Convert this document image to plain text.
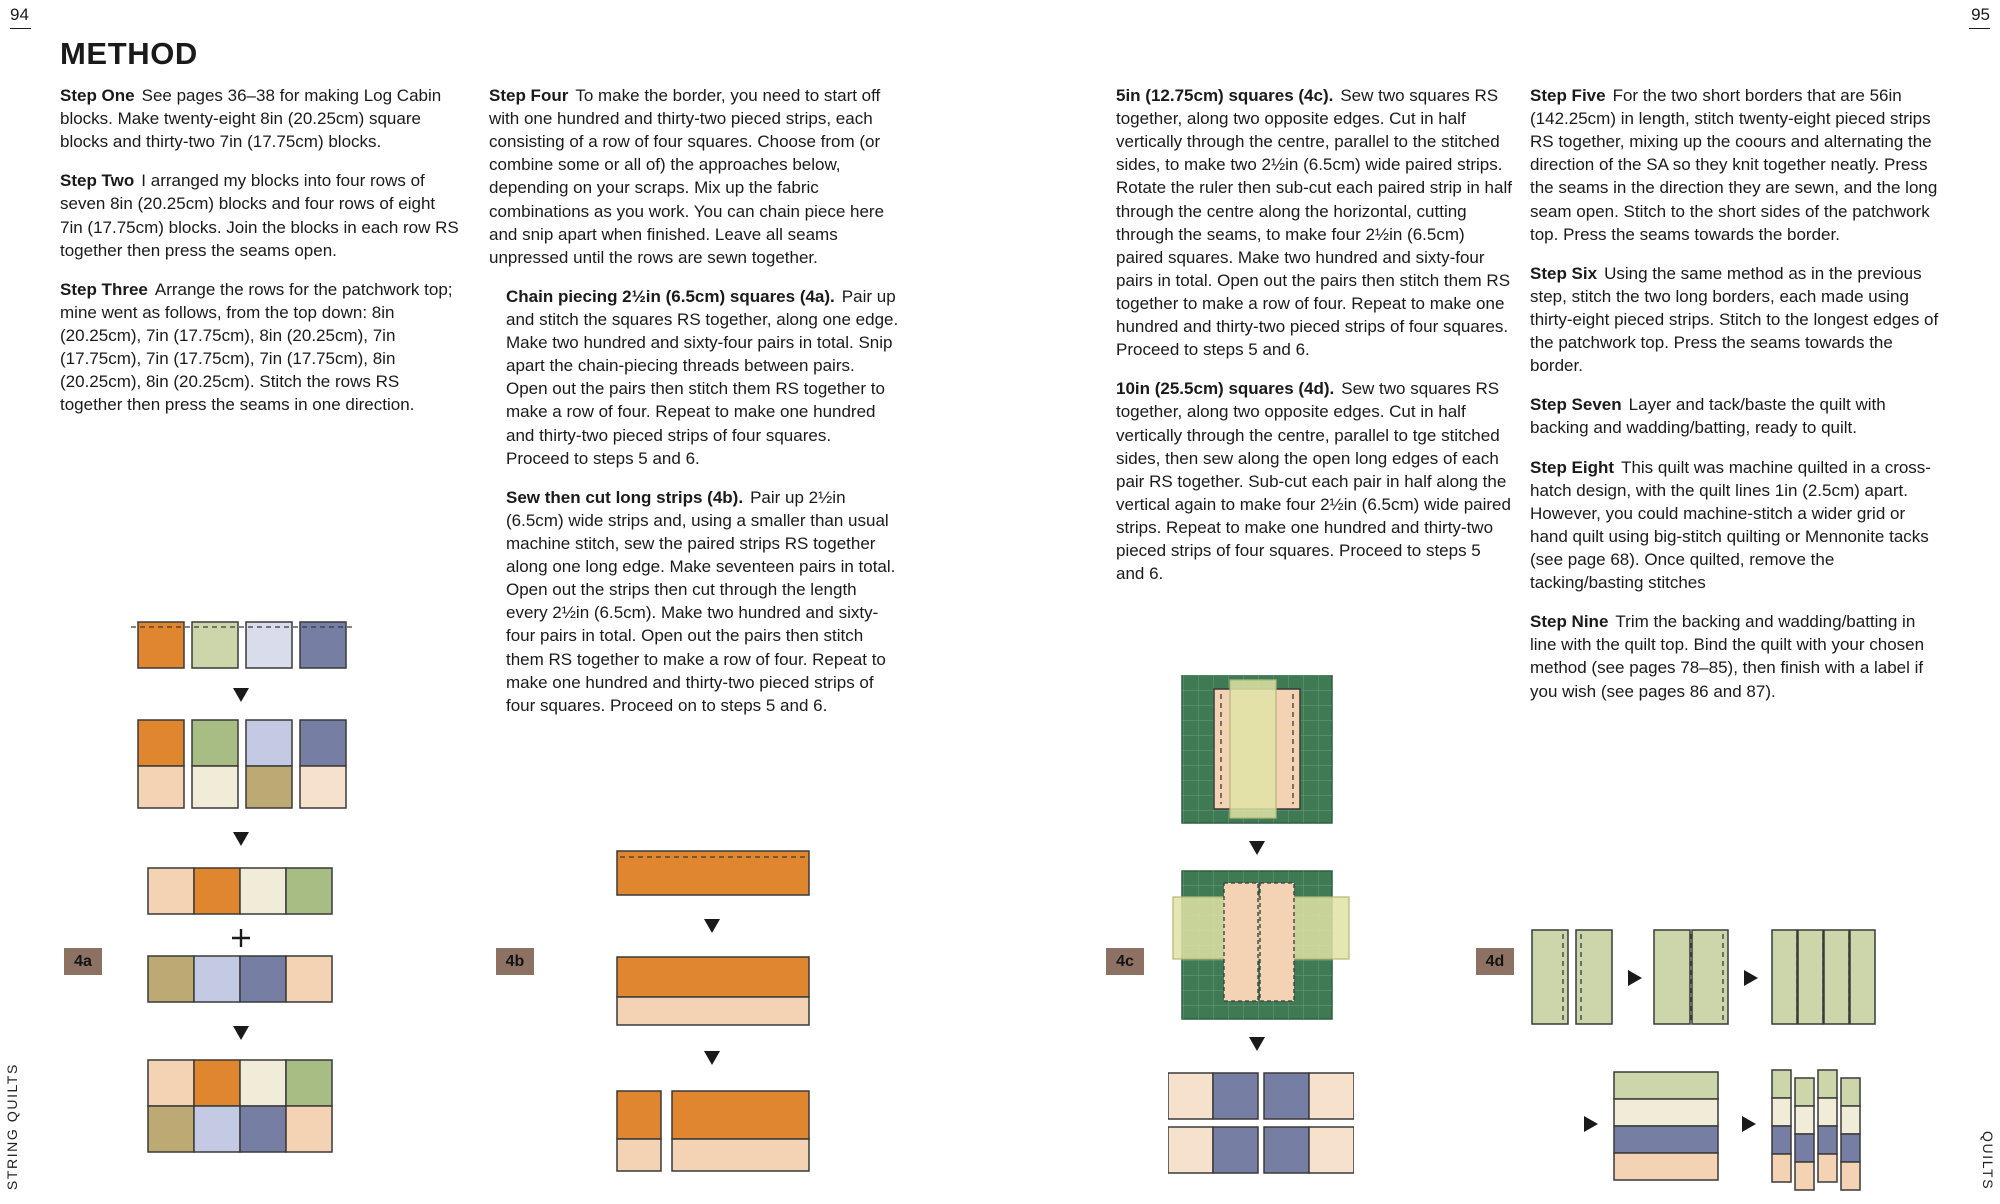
94	95
METHOD

Step One See pages 36–38 for making Log Cabin blocks. Make twenty-eight 8in (20.25cm) square blocks and thirty-two 7in (17.75cm) blocks.

Step Two I arranged my blocks into four rows of seven 8in (20.25cm) blocks and four rows of eight 7in (17.75cm) blocks. Join the blocks in each row RS together then press the seams open.

Step Three Arrange the rows for the patchwork top; mine went as follows, from the top down: 8in (20.25cm), 7in (17.75cm), 8in (20.25cm), 7in (17.75cm), 7in (17.75cm), 7in (17.75cm), 8in (20.25cm), 8in (20.25cm). Stitch the rows RS together then press the seams in one direction.

Step Four To make the border, you need to start off with one hundred and thirty-two pieced strips, each consisting of a row of four squares. Choose from (or combine some or all of) the approaches below, depending on your scraps. Mix up the fabric combinations as you work. You can chain piece here and snip apart when finished. Leave all seams unpressed until the rows are sewn together.

Chain piecing 2½in (6.5cm) squares (4a). Pair up and stitch the squares RS together, along one edge. Make two hundred and sixty-four pairs in total. Snip apart the chain-piecing threads between pairs. Open out the pairs then stitch them RS together to make a row of four. Repeat to make one hundred and thirty-two pieced strips of four squares. Proceed to steps 5 and 6.

Sew then cut long strips (4b). Pair up 2½in (6.5cm) wide strips and, using a smaller than usual machine stitch, sew the paired strips RS together along one long edge. Make seventeen pairs in total. Open out the strips then cut through the length every 2½in (6.5cm). Make two hundred and sixty-four pairs in total. Open out the pairs then stitch them RS together to make a row of four. Repeat to make one hundred and thirty-two pieced strips of four squares. Proceed on to steps 5 and 6.

5in (12.75cm) squares (4c). Sew two squares RS together, along two opposite edges. Cut in half vertically through the centre, parallel to the stitched sides, to make two 2½in (6.5cm) wide paired strips. Rotate the ruler then sub-cut each paired strip in half through the centre along the horizontal, cutting through the seams, to make four 2½in (6.5cm) paired squares. Make two hundred and sixty-four pairs in total. Open out the pairs then stitch them RS together to make a row of four. Repeat to make one hundred and thirty-two pieced strips of four squares. Proceed to steps 5 and 6.

10in (25.5cm) squares (4d). Sew two squares RS together, along two opposite edges. Cut in half vertically through the centre, parallel to tge stitched sides, then sew along the open long edges of each pair RS together. Sub-cut each pair in half along the vertical again to make four 2½in (6.5cm) wide paired strips. Repeat to make one hundred and thirty-two pieced strips of four squares. Proceed to steps 5 and 6.

Step Five For the two short borders that are 56in (142.25cm) in length, stitch twenty-eight pieced strips RS together, mixing up the coours and alternating the direction of the SA so they knit together neatly. Press the seams in the direction they are sewn, and the long seam open. Stitch to the short sides of the patchwork top. Press the seams towards the border.

Step Six Using the same method as in the previous step, stitch the two long borders, each made using thirty-eight pieced strips. Stitch to the longest edges of the patchwork top. Press the seams towards the border.

Step Seven Layer and tack/baste the quilt with backing and wadding/batting, ready to quilt.

Step Eight This quilt was machine quilted in a cross-hatch design, with the quilt lines 1in (2.5cm) apart. However, you could machine-stitch a wider grid or hand quilt using big-stitch quilting or Mennonite tacks (see page 68). Once quilted, remove the tacking/basting stitches

Step Nine Trim the backing and wadding/batting in line with the quilt top. Bind the quilt with your chosen method (see pages 78–85), then finish with a label if you wish (see pages 86 and 87).

4a	4b	4c	4d
STRING QUILTS	QUILTS
